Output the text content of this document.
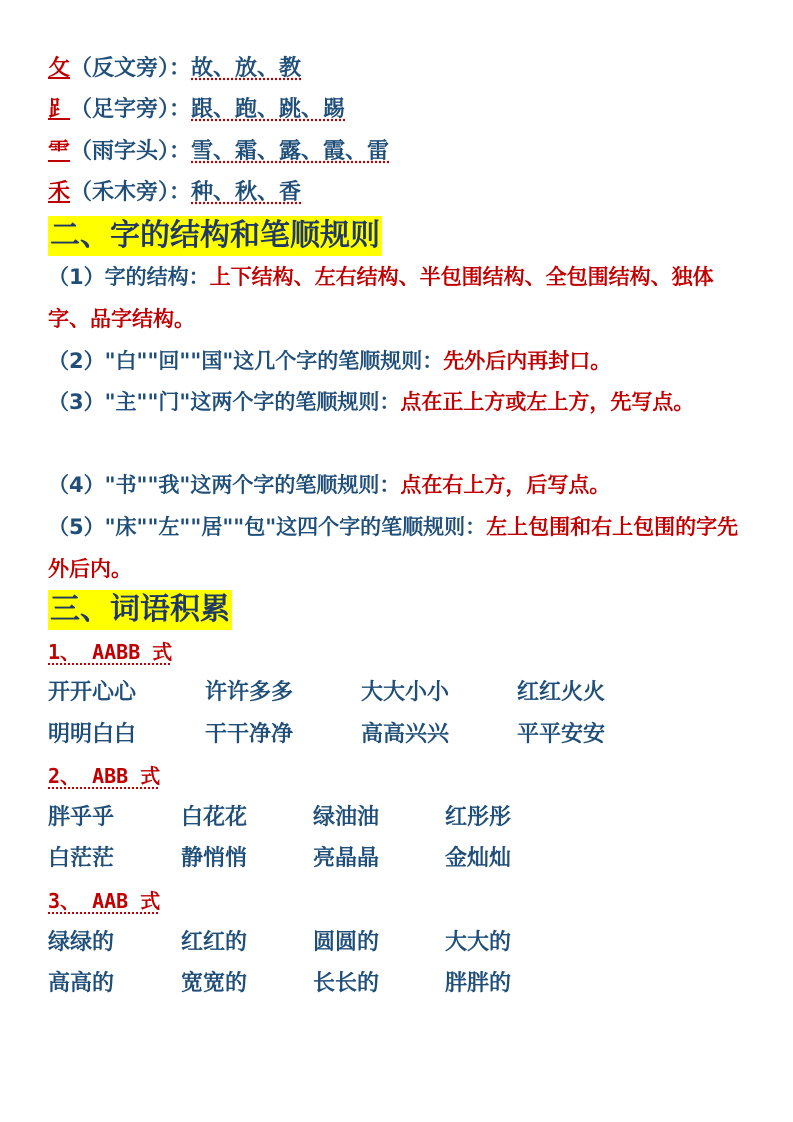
攵（反文旁）：故、放、教
⻊（足字旁）：跟、跑、跳、踢
⻗（雨字头）：雪、霜、露、霞、雷
禾（禾木旁）：种、秋、香
二、字的结构和笔顺规则
（1）字的结构：上下结构、左右结构、半包围结构、全包围结构、独体字、品字结构。
（2）"白""回""国"这几个字的笔顺规则：先外后内再封口。
（3）"主""门"这两个字的笔顺规则：点在正上方或左上方，先写点。
（4）"书""我"这两个字的笔顺规则：点在右上方，后写点。
（5）"床""左""居""包"这四个字的笔顺规则：左上包围和右上包围的字先外后内。
三、词语积累
1、 AABB 式
开开心心	许许多多	大大小小	红红火火
明明白白	干干净净	高高兴兴	平平安安
2、 ABB 式
胖乎乎	白花花	绿油油	红彤彤
白茫茫	静悄悄	亮晶晶	金灿灿
3、 AAB 式
绿绿的	红红的	圆圆的	大大的
高高的	宽宽的	长长的	胖胖的
